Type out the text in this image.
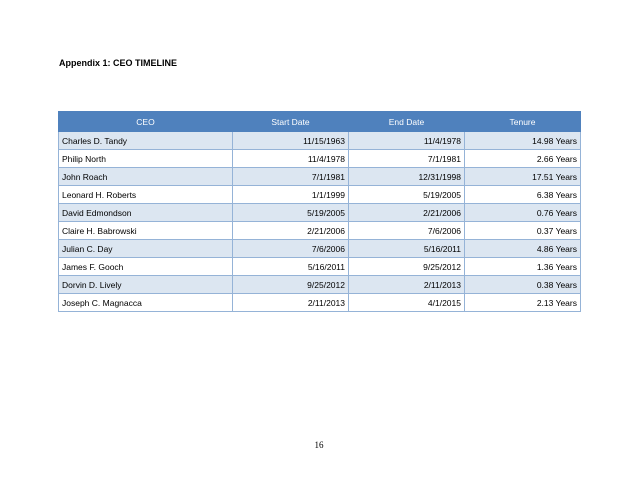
Appendix 1: CEO TIMELINE
CEO	Start Date	End Date	Tenure
Charles D. Tandy	11/15/1963	11/4/1978	14.98 Years
Philip North	11/4/1978	7/1/1981	2.66 Years
John Roach	7/1/1981	12/31/1998	17.51 Years
Leonard H. Roberts	1/1/1999	5/19/2005	6.38 Years
David Edmondson	5/19/2005	2/21/2006	0.76 Years
Claire H. Babrowski	2/21/2006	7/6/2006	0.37 Years
Julian C. Day	7/6/2006	5/16/2011	4.86 Years
James F. Gooch	5/16/2011	9/25/2012	1.36 Years
Dorvin D. Lively	9/25/2012	2/11/2013	0.38 Years
Joseph C. Magnacca	2/11/2013	4/1/2015	2.13 Years
16
